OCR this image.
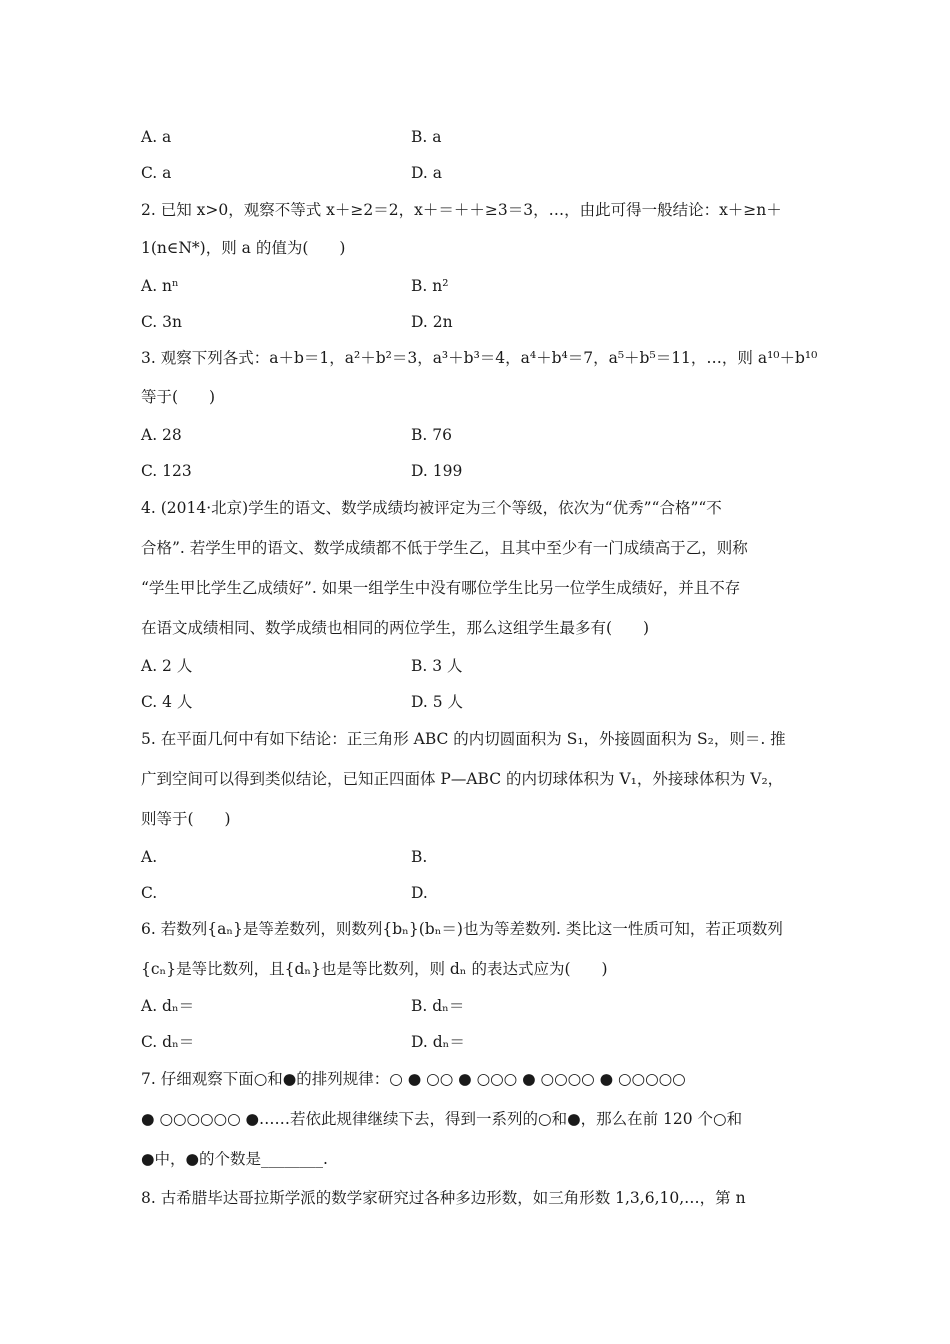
A. a	B. a
C. a	D. a
2. 已知 x>0，观察不等式 x＋≥2＝2，x＋＝＋＋≥3＝3，…，由此可得一般结论：x＋≥n＋
1(n∈N*)，则 a 的值为(　　)
A. nⁿ	B. n²
C. 3n	D. 2n
3. 观察下列各式：a＋b＝1，a²＋b²＝3，a³＋b³＝4，a⁴＋b⁴＝7，a⁵＋b⁵＝11，…，则 a¹⁰＋b¹⁰
等于(　　)
A. 28	B. 76
C. 123	D. 199
4. (2014·北京)学生的语文、数学成绩均被评定为三个等级，依次为“优秀”“合格”“不
合格”. 若学生甲的语文、数学成绩都不低于学生乙，且其中至少有一门成绩高于乙，则称
“学生甲比学生乙成绩好”. 如果一组学生中没有哪位学生比另一位学生成绩好，并且不存
在语文成绩相同、数学成绩也相同的两位学生，那么这组学生最多有(　　)
A. 2 人	B. 3 人
C. 4 人	D. 5 人
5. 在平面几何中有如下结论：正三角形 ABC 的内切圆面积为 S₁，外接圆面积为 S₂，则＝. 推
广到空间可以得到类似结论，已知正四面体 P—ABC 的内切球体积为 V₁，外接球体积为 V₂，
则等于(　　)
A.	B.
C.	D.
6. 若数列{aₙ}是等差数列，则数列{bₙ}(bₙ＝)也为等差数列. 类比这一性质可知，若正项数列
{cₙ}是等比数列，且{dₙ}也是等比数列，则 dₙ 的表达式应为(　　)
A. dₙ＝	B. dₙ＝
C. dₙ＝	D. dₙ＝
7. 仔细观察下面○和●的排列规律：○ ● ○○ ● ○○○ ● ○○○○ ● ○○○○○
● ○○○○○○ ●……若依此规律继续下去，得到一系列的○和●，那么在前 120 个○和
●中，●的个数是________.
8. 古希腊毕达哥拉斯学派的数学家研究过各种多边形数，如三角形数 1,3,6,10,…，第 n
